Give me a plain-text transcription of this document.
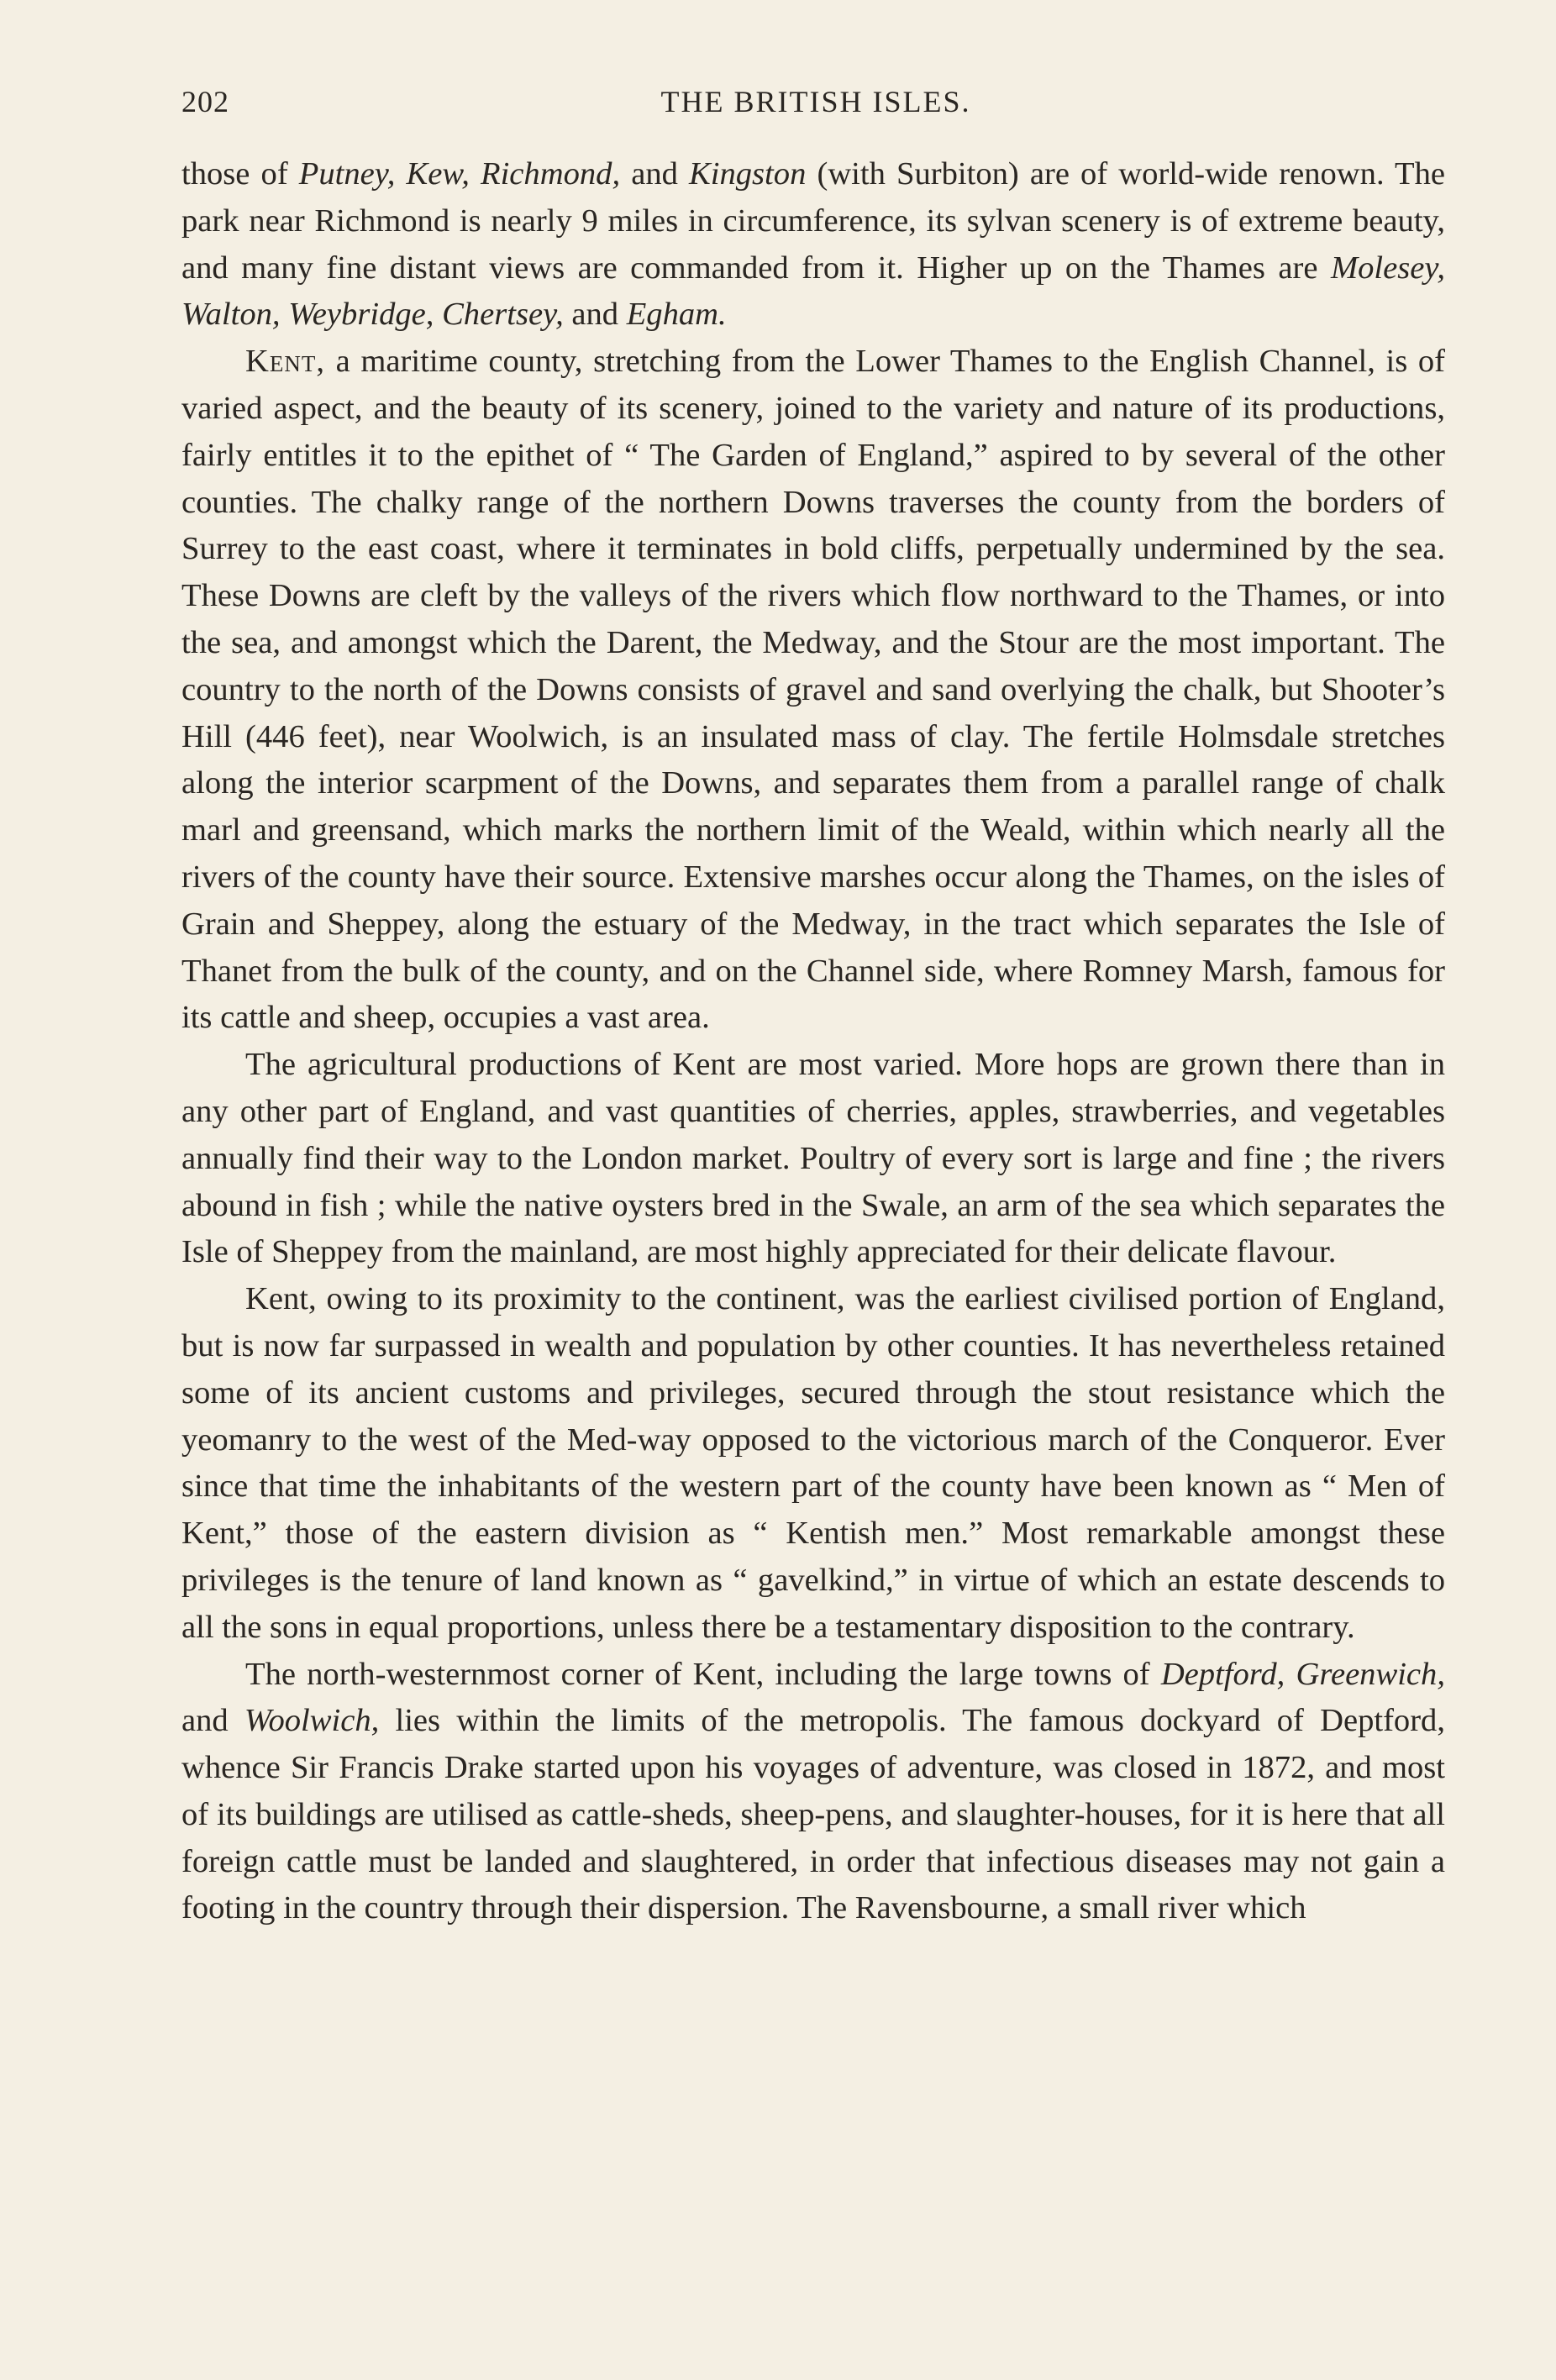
202	THE BRITISH ISLES.

those of Putney, Kew, Richmond, and Kingston (with Surbiton) are of world-wide renown. The park near Richmond is nearly 9 miles in circumference, its sylvan scenery is of extreme beauty, and many fine distant views are commanded from it. Higher up on the Thames are Molesey, Walton, Weybridge, Chertsey, and Egham.

Kent, a maritime county, stretching from the Lower Thames to the English Channel, is of varied aspect, and the beauty of its scenery, joined to the variety and nature of its productions, fairly entitles it to the epithet of “ The Garden of England,” aspired to by several of the other counties. The chalky range of the northern Downs traverses the county from the borders of Surrey to the east coast, where it terminates in bold cliffs, perpetually undermined by the sea. These Downs are cleft by the valleys of the rivers which flow northward to the Thames, or into the sea, and amongst which the Darent, the Medway, and the Stour are the most important. The country to the north of the Downs consists of gravel and sand overlying the chalk, but Shooter’s Hill (446 feet), near Woolwich, is an insulated mass of clay. The fertile Holmsdale stretches along the interior scarpment of the Downs, and separates them from a parallel range of chalk marl and greensand, which marks the northern limit of the Weald, within which nearly all the rivers of the county have their source. Extensive marshes occur along the Thames, on the isles of Grain and Sheppey, along the estuary of the Medway, in the tract which separates the Isle of Thanet from the bulk of the county, and on the Channel side, where Romney Marsh, famous for its cattle and sheep, occupies a vast area.

The agricultural productions of Kent are most varied. More hops are grown there than in any other part of England, and vast quantities of cherries, apples, strawberries, and vegetables annually find their way to the London market. Poultry of every sort is large and fine ; the rivers abound in fish ; while the native oysters bred in the Swale, an arm of the sea which separates the Isle of Sheppey from the mainland, are most highly appreciated for their delicate flavour.

Kent, owing to its proximity to the continent, was the earliest civilised portion of England, but is now far surpassed in wealth and population by other counties. It has nevertheless retained some of its ancient customs and privileges, secured through the stout resistance which the yeomanry to the west of the Med-way opposed to the victorious march of the Conqueror. Ever since that time the inhabitants of the western part of the county have been known as “ Men of Kent,” those of the eastern division as “ Kentish men.” Most remarkable amongst these privileges is the tenure of land known as “ gavelkind,” in virtue of which an estate descends to all the sons in equal proportions, unless there be a testamentary disposition to the contrary.

The north-westernmost corner of Kent, including the large towns of Deptford, Greenwich, and Woolwich, lies within the limits of the metropolis. The famous dockyard of Deptford, whence Sir Francis Drake started upon his voyages of adventure, was closed in 1872, and most of its buildings are utilised as cattle-sheds, sheep-pens, and slaughter-houses, for it is here that all foreign cattle must be landed and slaughtered, in order that infectious diseases may not gain a footing in the country through their dispersion. The Ravensbourne, a small river which
